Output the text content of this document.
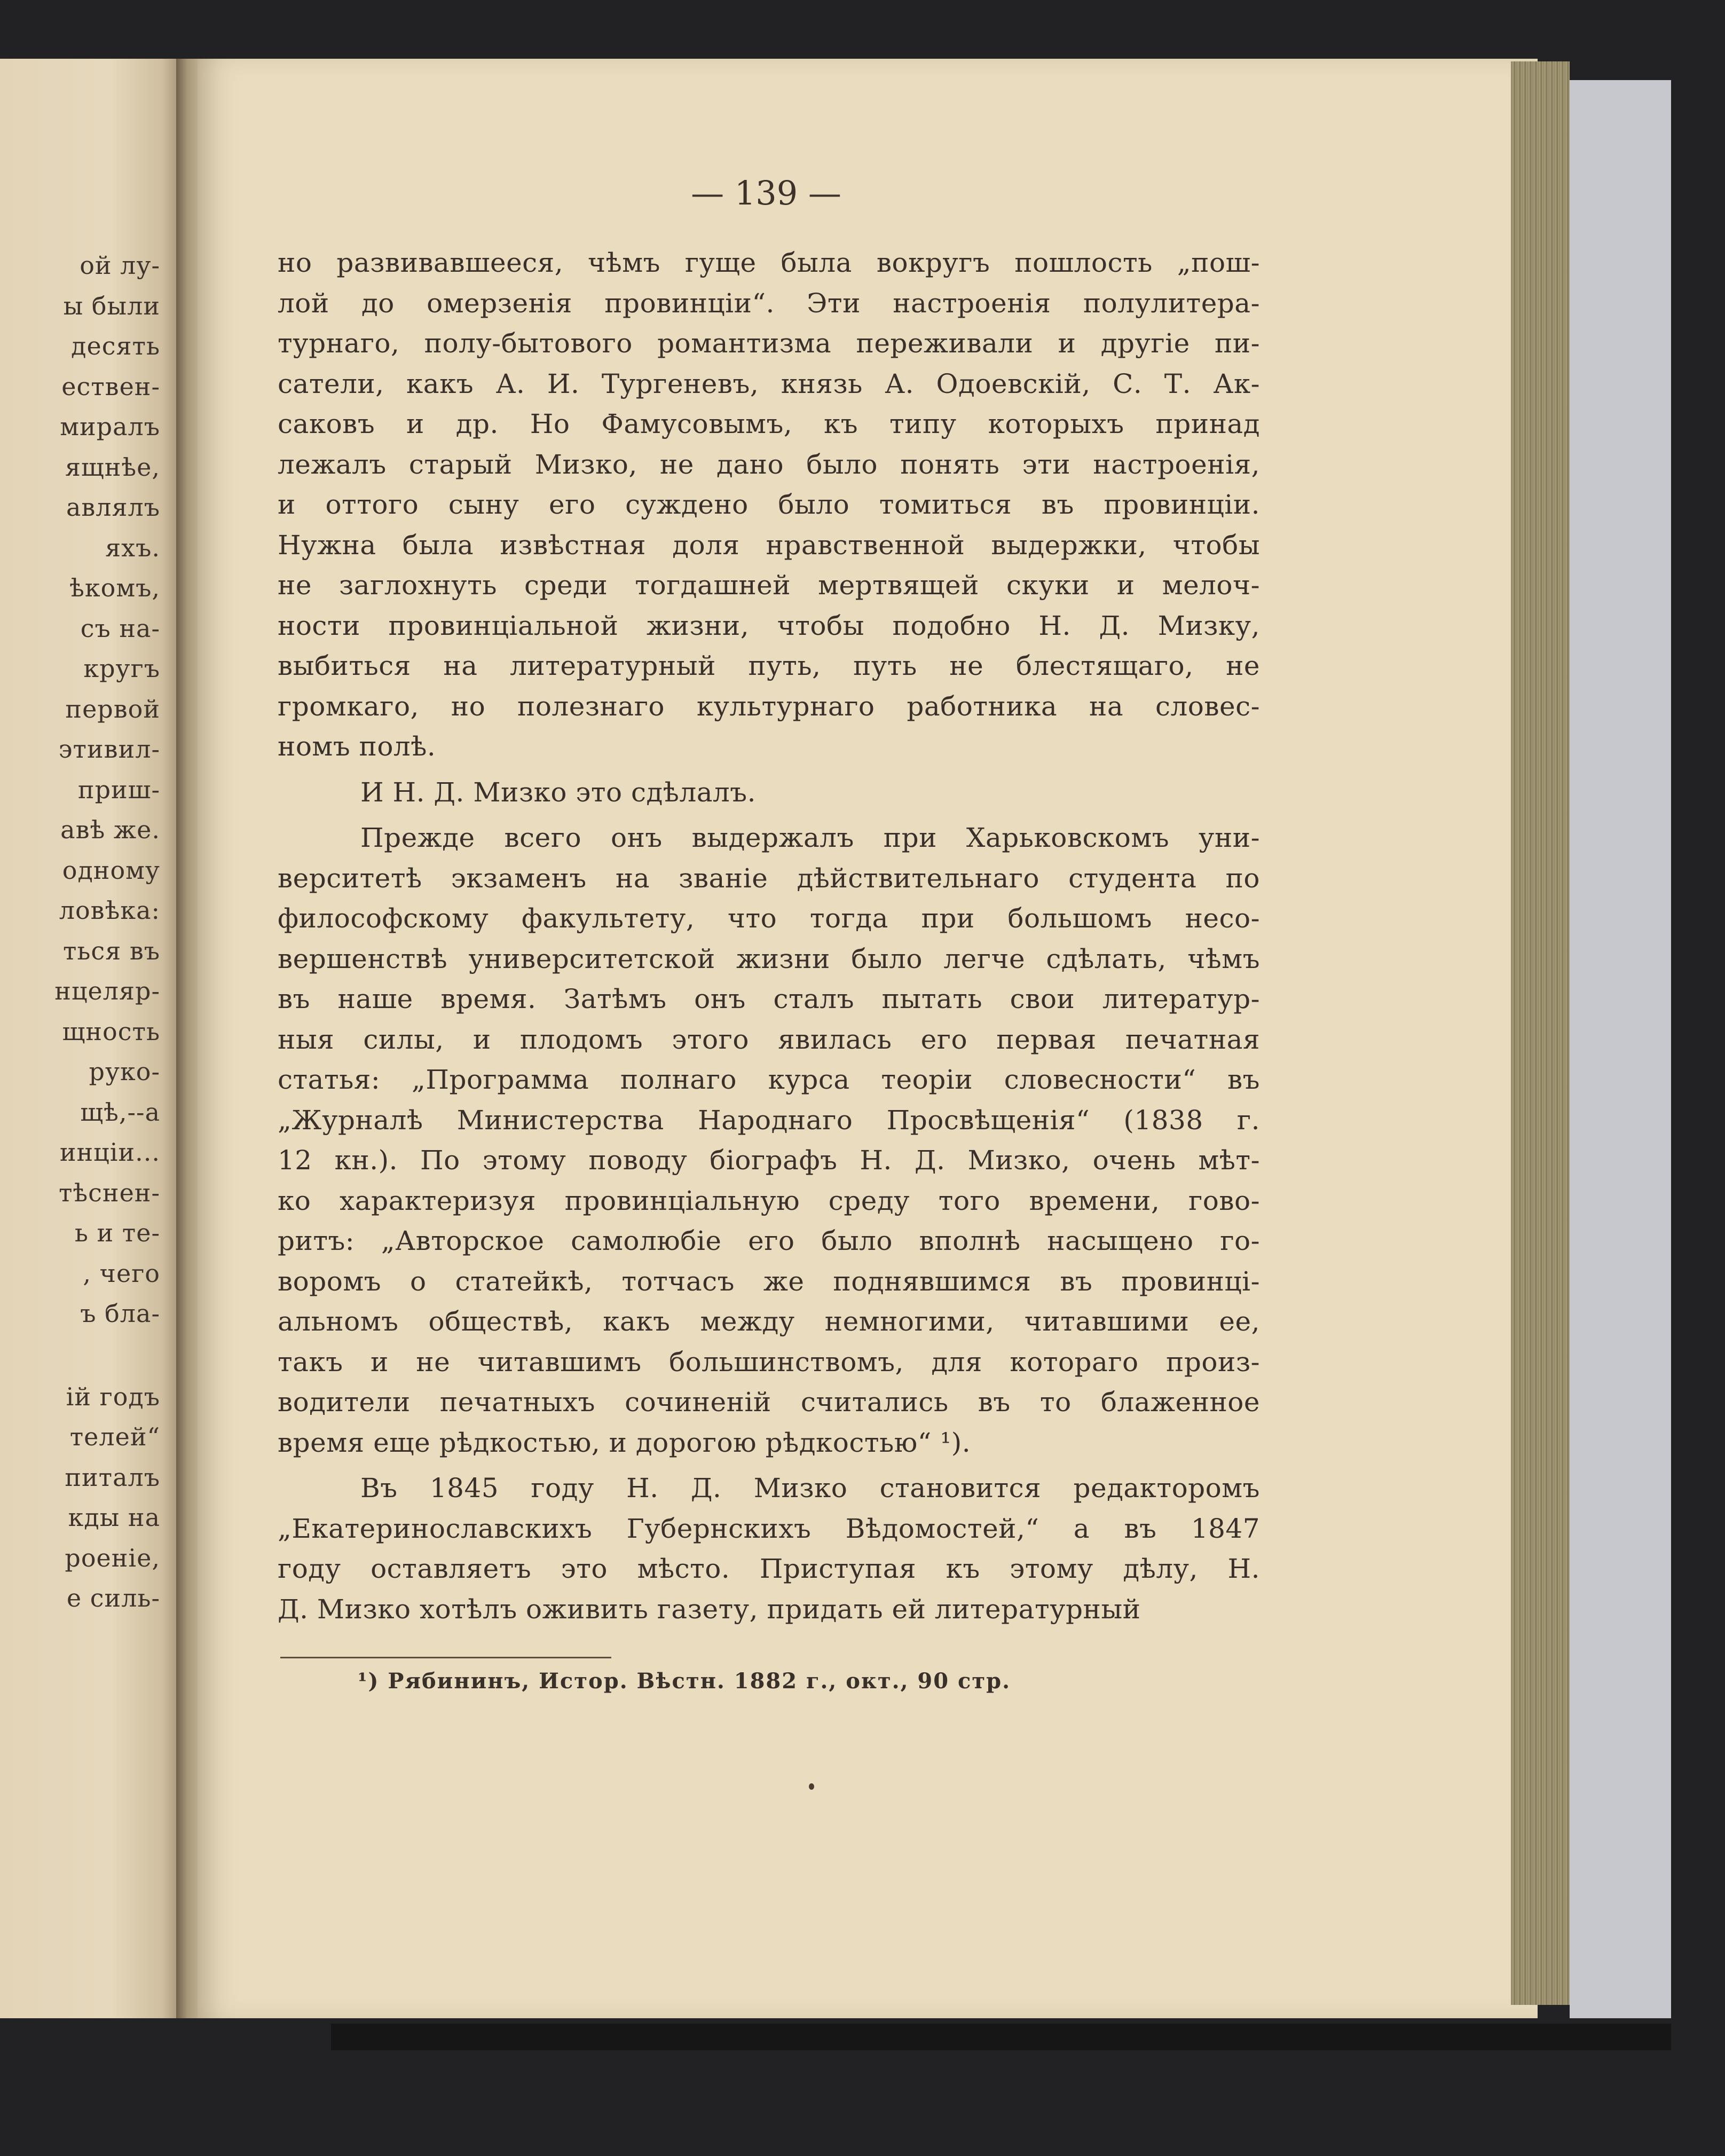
ой лу-
ы были
десять
ествен-
миралъ
ящнѣе,
авлялъ
яхъ.
ѣкомъ,
съ на-
кругъ
первой
этивил-
приш-
авѣ же.
одному
ловѣка:
ться въ
нцеляр-
щность
руко-
щѣ,--а
инціи...
тѣснен-
ь и те-
, чего
ъ бла-
ій годъ
телей“
питалъ
кды на
роеніе,
е силь-
— 139 —
но развивавшееся, чѣмъ гуще была вокругъ пошлость „пош-
лой до омерзенія провинціи“. Эти настроенія полулитера-
турнаго, полу-бытового романтизма переживали и другіе пи-
сатели, какъ А. И. Тургеневъ, князь А. Одоевскій, С. Т. Ак-
саковъ и др. Но Фамусовымъ, къ типу которыхъ принад
лежалъ старый Мизко, не дано было понять эти настроенія,
и оттого сыну его суждено было томиться въ провинціи.
Нужна была извѣстная доля нравственной выдержки, чтобы
не заглохнуть среди тогдашней мертвящей скуки и мелоч-
ности провинціальной жизни, чтобы подобно Н. Д. Мизку,
выбиться на литературный путь, путь не блестящаго, не
громкаго, но полезнаго культурнаго работника на словес-
номъ полѣ.
И Н. Д. Мизко это сдѣлалъ.
Прежде всего онъ выдержалъ при Харьковскомъ уни-
верситетѣ экзаменъ на званіе дѣйствительнаго студента по
философскому факультету, что тогда при большомъ несо-
вершенствѣ университетской жизни было легче сдѣлать, чѣмъ
въ наше время. Затѣмъ онъ сталъ пытать свои литератур-
ныя силы, и плодомъ этого явилась его первая печатная
статья: „Программа полнаго курса теоріи словесности“ въ
„Журналѣ Министерства Народнаго Просвѣщенія“ (1838 г.
12 кн.). По этому поводу біографъ Н. Д. Мизко, очень мѣт-
ко характеризуя провинціальную среду того времени, гово-
ритъ: „Авторское самолюбіе его было вполнѣ насыщено го-
воромъ о статейкѣ, тотчасъ же поднявшимся въ провинці-
альномъ обществѣ, какъ между немногими, читавшими ее,
такъ и не читавшимъ большинствомъ, для котораго произ-
водители печатныхъ сочиненій считались въ то блаженное
время еще рѣдкостью, и дорогою рѣдкостью“ ¹).
Въ 1845 году Н. Д. Мизко становится редакторомъ
„Екатеринославскихъ Губернскихъ Вѣдомостей,“ а въ 1847
году оставляетъ это мѣсто. Приступая къ этому дѣлу, Н.
Д. Мизко хотѣлъ оживить газету, придать ей литературный
¹) Рябининъ, Истор. Вѣстн. 1882 г., окт., 90 стр.
